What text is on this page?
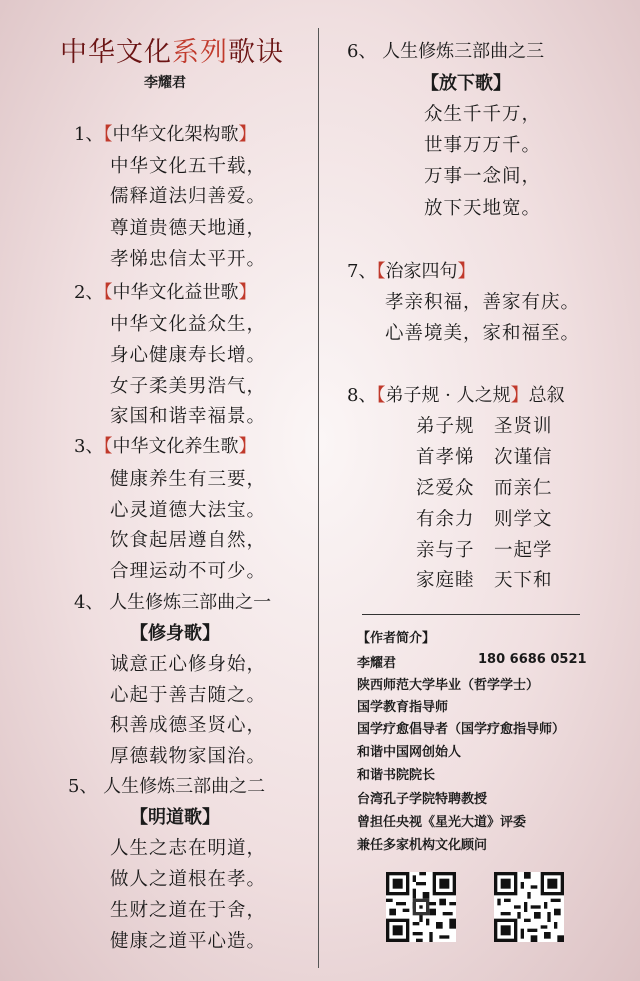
中华文化系列歌诀
李耀君
1、【中华文化架构歌】
中华文化五千载，
儒释道法归善爱。
尊道贵德天地通，
孝悌忠信太平开。
2、【中华文化益世歌】
中华文化益众生，
身心健康寿长增。
女子柔美男浩气，
家国和谐幸福景。
3、【中华文化养生歌】
健康养生有三要，
心灵道德大法宝。
饮食起居遵自然，
合理运动不可少。
4、 人生修炼三部曲之一
【修身歌】
诚意正心修身始，
心起于善吉随之。
积善成德圣贤心，
厚德载物家国治。
5、 人生修炼三部曲之二
【明道歌】
人生之志在明道，
做人之道根在孝。
生财之道在于舍，
健康之道平心造。
6、 人生修炼三部曲之三
【放下歌】
众生千千万，
世事万万千。
万事一念间，
放下天地宽。
7、【治家四句】
孝亲积福，善家有庆。
心善境美，家和福至。
8、【弟子规 · 人之规】总叙
弟子规　圣贤训
首孝悌　次谨信
泛爱众　而亲仁
有余力　则学文
亲与子　一起学
家庭睦　天下和
【作者简介】
李耀君	180 6686 0521
陕西师范大学毕业（哲学学士）
国学教育指导师
国学疗愈倡导者（国学疗愈指导师）
和谐中国网创始人
和谐书院院长
台湾孔子学院特聘教授
曾担任央视《星光大道》评委
兼任多家机构文化顾问
